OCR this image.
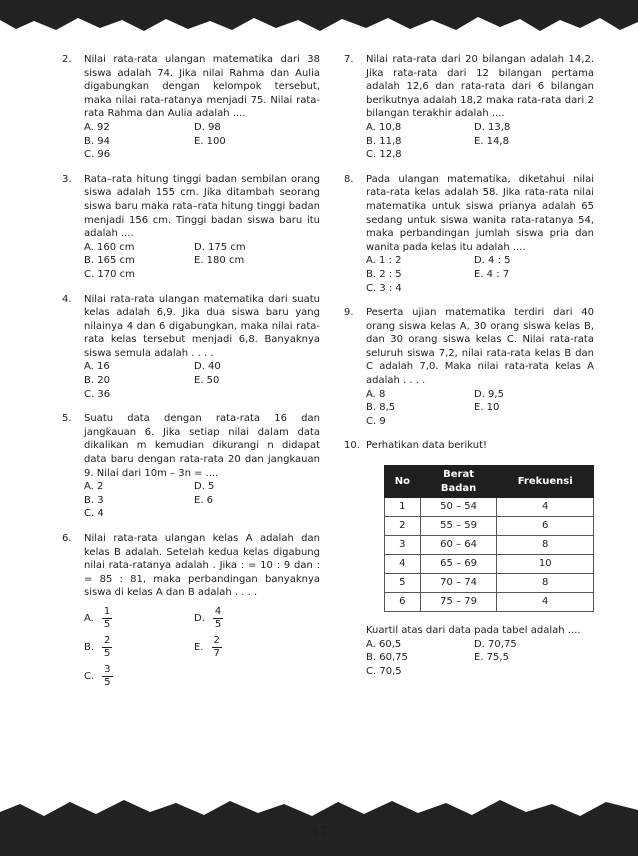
2. Nilai rata-rata ulangan matematika dari 38 siswa adalah 74. Jika nilai Rahma dan Aulia digabungkan dengan kelompok tersebut, maka nilai rata-ratanya menjadi 75. Nilai rata-rata Rahma dan Aulia adalah ....

A. 92	D. 98
B. 94	E. 100
C. 96
3. Rata–rata hitung tinggi badan sembilan orang siswa adalah 155 cm. Jika ditambah seorang siswa baru maka rata–rata hitung tinggi badan menjadi 156 cm. Tinggi badan siswa baru itu adalah ....

A. 160 cm	D. 175 cm
B. 165 cm	E. 180 cm
C. 170 cm
4. Nilai rata-rata ulangan matematika dari suatu kelas adalah 6,9. Jika dua siswa baru yang nilainya 4 dan 6 digabungkan, maka nilai rata-rata kelas tersebut menjadi 6,8. Banyaknya siswa semula adalah . . . .

A. 16	D. 40
B. 20	E. 50
C. 36
5. Suatu data dengan rata-rata 16 dan jangkauan 6. Jika setiap nilai dalam data dikalikan m kemudian dikurangi n didapat data baru dengan rata-rata 20 dan jangkauan 9. Nilai dari 10m – 3n = ....

A. 2	D. 5
B. 3	E. 6
C. 4
6. Nilai rata-rata ulangan kelas A adalah dan kelas B adalah. Setelah kedua kelas digabung nilai rata-ratanya adalah . Jika : = 10 : 9 dan : = 85 : 81, maka perbandingan banyaknya siswa di kelas A dan B adalah . . . .

A. $\frac{1}{5}$	D. $\frac{4}{5}$
B. $\frac{2}{5}$	E. $\frac{2}{7}$
C. $\frac{3}{5}$
7. Nilai rata-rata dari 20 bilangan adalah 14,2. Jika rata-rata dari 12 bilangan pertama adalah 12,6 dan rata-rata dari 6 bilangan berikutnya adalah 18,2 maka rata-rata dari 2 bilangan terakhir adalah ....

A. 10,8	D. 13,8
B. 11,8	E. 14,8
C. 12,8
8. Pada ulangan matematika, diketahui nilai rata-rata kelas adalah 58. Jika rata-rata nilai matematika untuk siswa prianya adalah 65 sedang untuk siswa wanita rata-ratanya 54, maka perbandingan jumlah siswa pria dan wanita pada kelas itu adalah ....

A. 1 : 2	D. 4 : 5
B. 2 : 5	E. 4 : 7
C. 3 : 4
9. Peserta ujian matematika terdiri dari 40 orang siswa kelas A, 30 orang siswa kelas B, dan 30 orang siswa kelas C. Nilai rata-rata seluruh siswa 7,2, nilai rata-rata kelas B dan C adalah 7,0. Maka nilai rata-rata kelas A adalah . . . .

A. 8	D. 9,5
B. 8,5	E. 10
C. 9
10. Perhatikan data berikut!

No	Berat Badan	Frekuensi
1	50 – 54	4
2	55 – 59	6
3	60 – 64	8
4	65 – 69	10
5	70 – 74	8
6	75 – 79	4

Kuartil atas dari data pada tabel adalah ....

A. 60,5	D. 70,75
B. 60,75	E. 75,5
C. 70,5
37
